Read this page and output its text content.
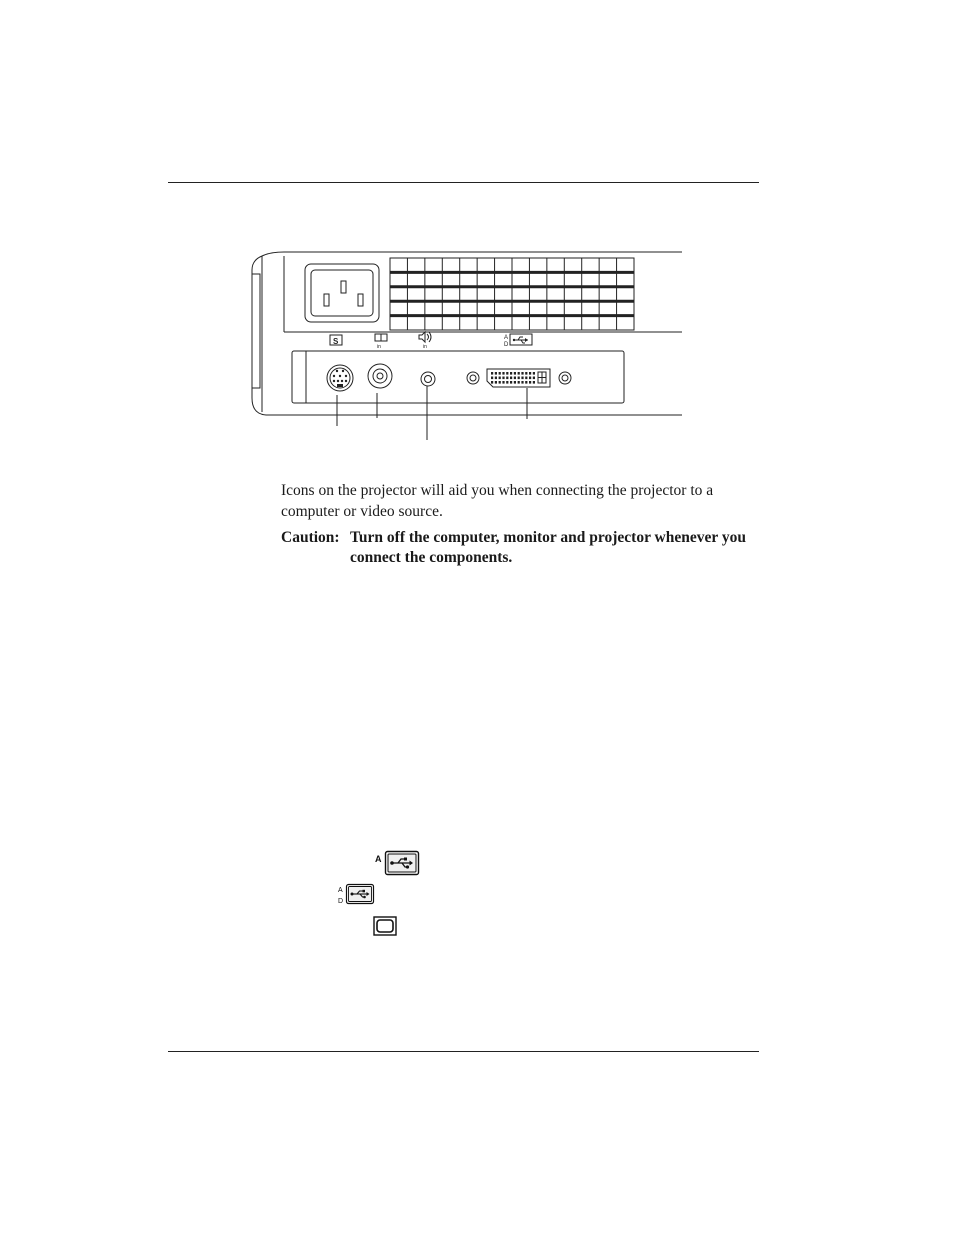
S
in	in
A
D

Icons on the projector will aid you when connecting the projector to a computer or video source.

Caution: Turn off the computer, monitor and projector whenever you connect the components.
A
A
D
